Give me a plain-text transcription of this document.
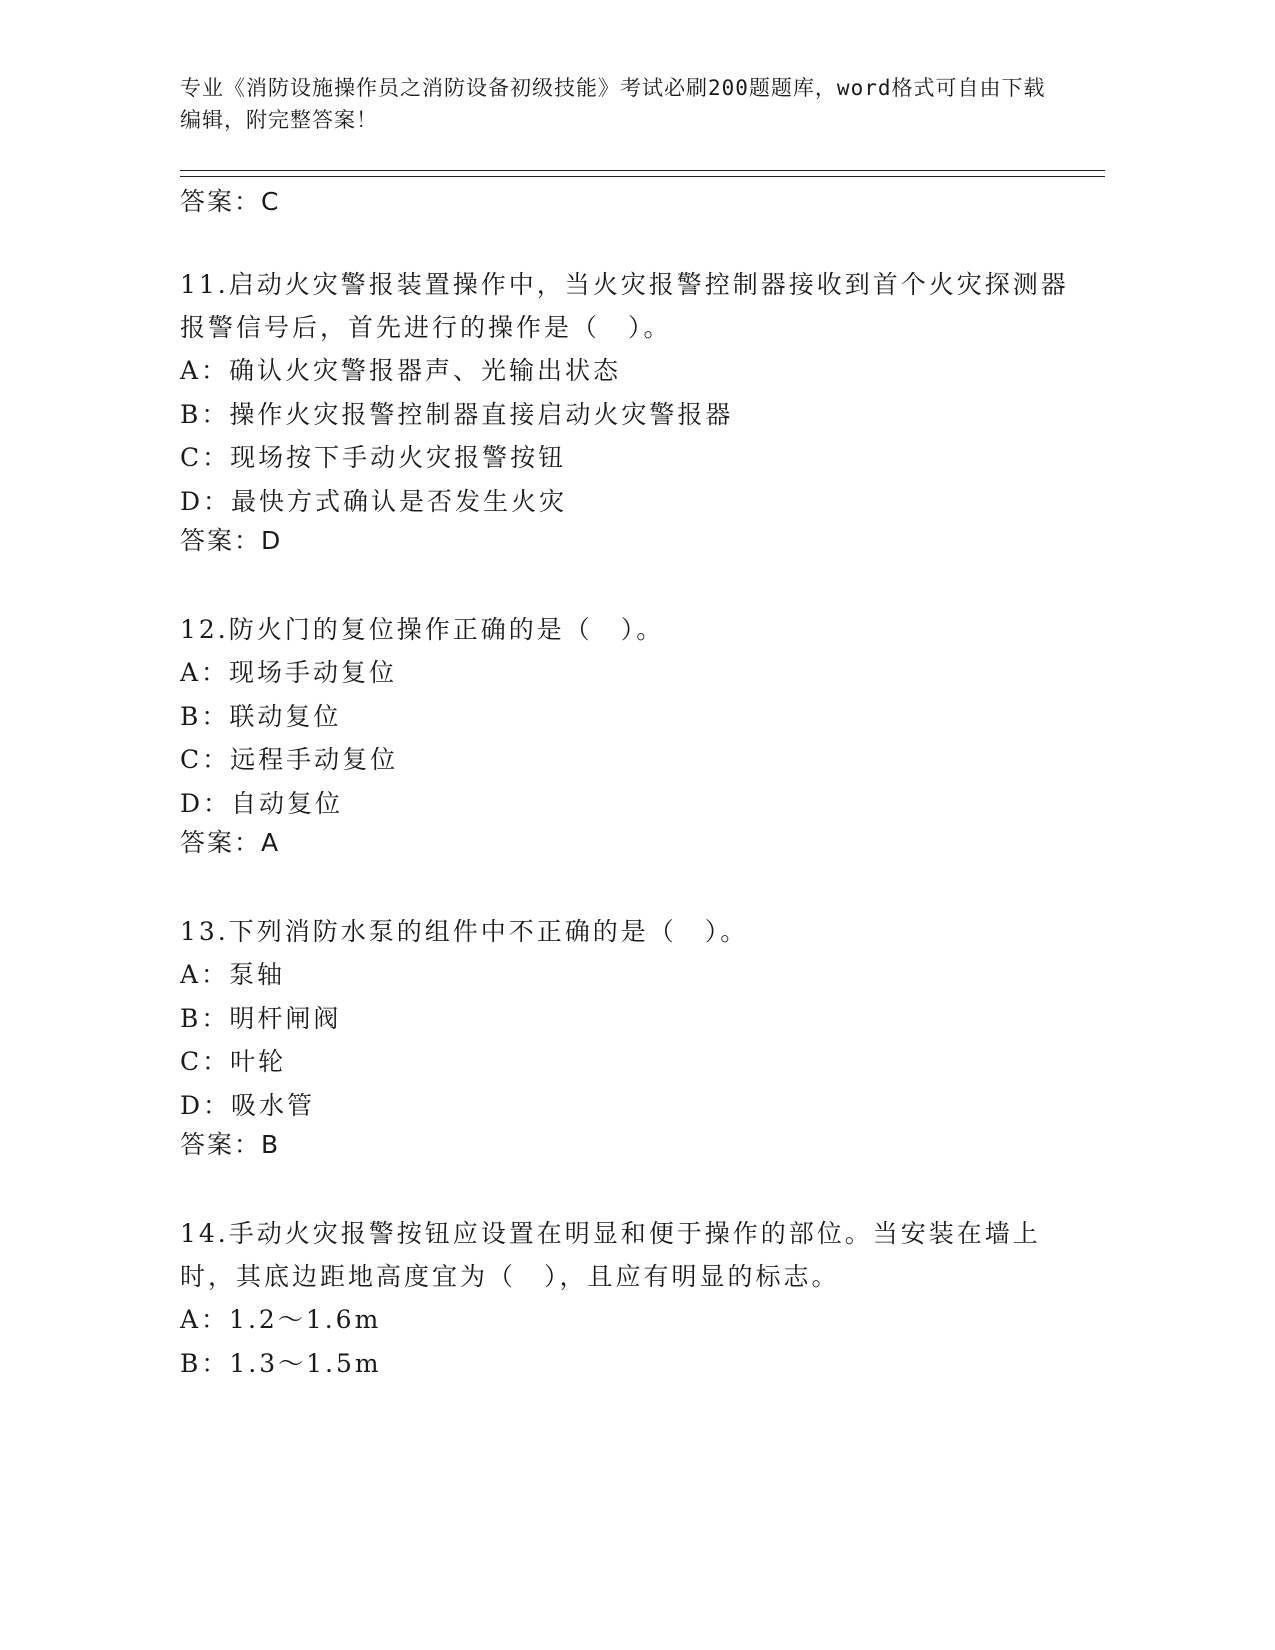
专业《消防设施操作员之消防设备初级技能》考试必刷200题题库，word格式可自由下载编辑，附完整答案！
答案：C
11.启动火灾警报装置操作中，当火灾报警控制器接收到首个火灾探测器报警信号后，首先进行的操作是（　）。
A：确认火灾警报器声、光输出状态
B：操作火灾报警控制器直接启动火灾警报器
C：现场按下手动火灾报警按钮
D：最快方式确认是否发生火灾
答案：D
12.防火门的复位操作正确的是（　）。
A：现场手动复位
B：联动复位
C：远程手动复位
D：自动复位
答案：A
13.下列消防水泵的组件中不正确的是（　）。
A：泵轴
B：明杆闸阀
C：叶轮
D：吸水管
答案：B
14.手动火灾报警按钮应设置在明显和便于操作的部位。当安装在墙上时，其底边距地高度宜为（　），且应有明显的标志。
A：1.2～1.6m
B：1.3～1.5m
